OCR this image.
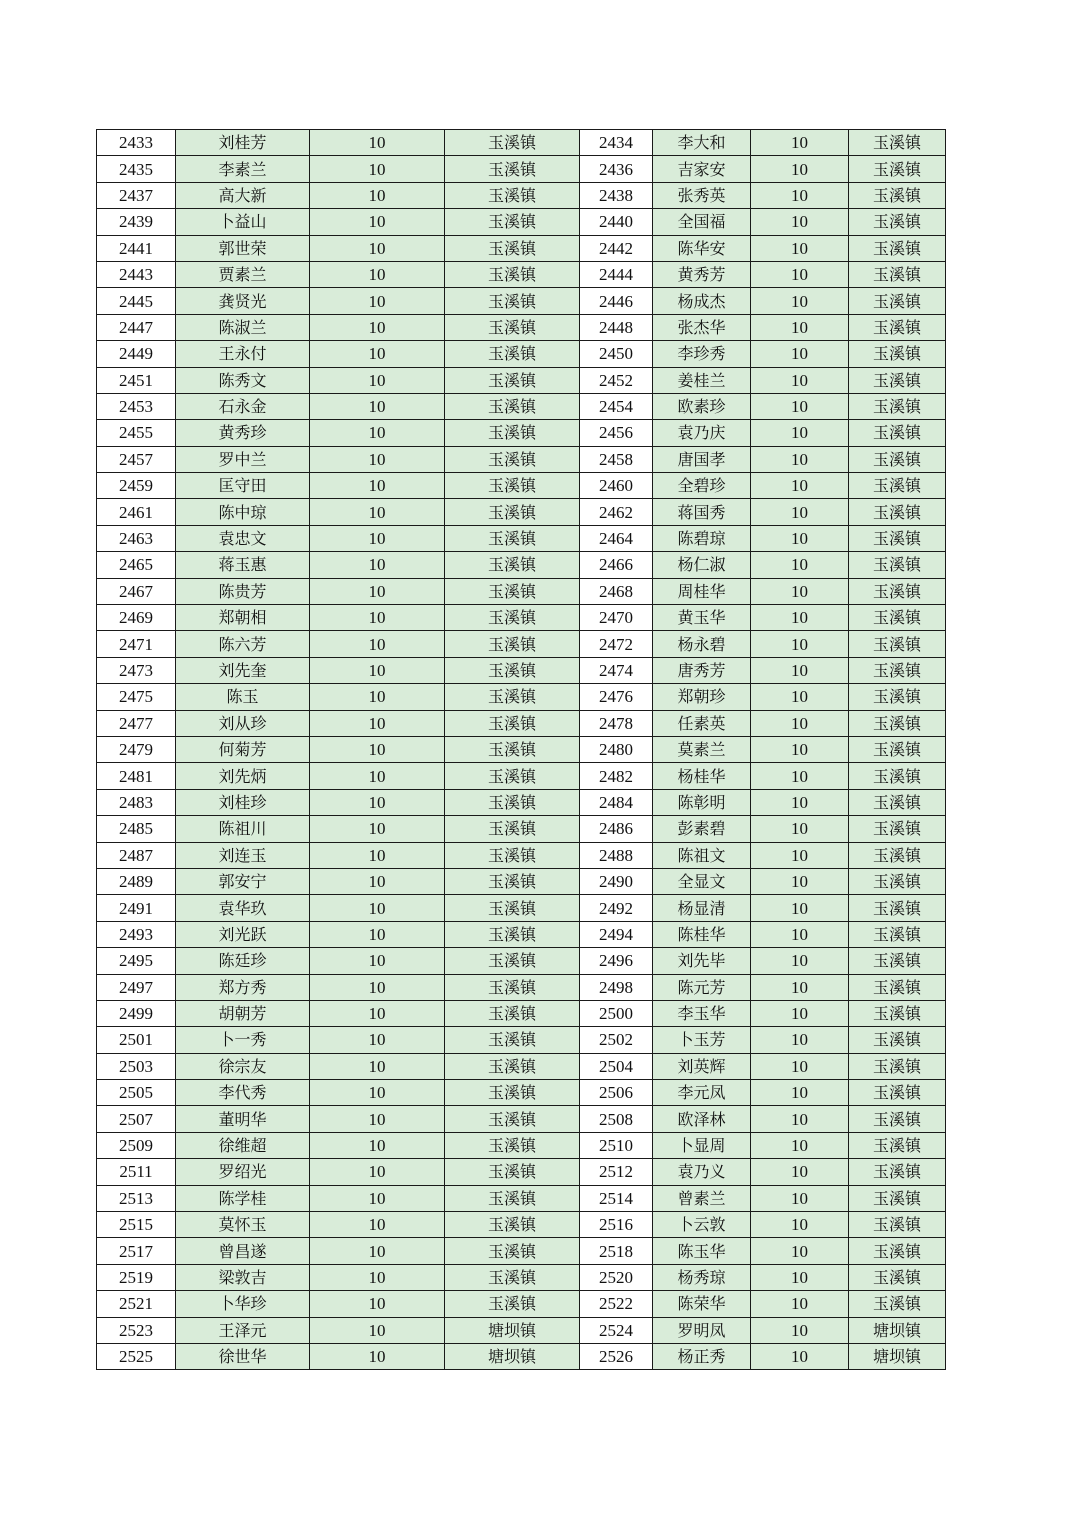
2433	刘桂芳	10	玉溪镇	2434	李大和	10	玉溪镇
2435	李素兰	10	玉溪镇	2436	吉家安	10	玉溪镇
2437	高大新	10	玉溪镇	2438	张秀英	10	玉溪镇
2439	卜益山	10	玉溪镇	2440	全国福	10	玉溪镇
2441	郭世荣	10	玉溪镇	2442	陈华安	10	玉溪镇
2443	贾素兰	10	玉溪镇	2444	黄秀芳	10	玉溪镇
2445	龚贤光	10	玉溪镇	2446	杨成杰	10	玉溪镇
2447	陈淑兰	10	玉溪镇	2448	张杰华	10	玉溪镇
2449	王永付	10	玉溪镇	2450	李珍秀	10	玉溪镇
2451	陈秀文	10	玉溪镇	2452	姜桂兰	10	玉溪镇
2453	石永金	10	玉溪镇	2454	欧素珍	10	玉溪镇
2455	黄秀珍	10	玉溪镇	2456	袁乃庆	10	玉溪镇
2457	罗中兰	10	玉溪镇	2458	唐国孝	10	玉溪镇
2459	匡守田	10	玉溪镇	2460	全碧珍	10	玉溪镇
2461	陈中琼	10	玉溪镇	2462	蒋国秀	10	玉溪镇
2463	袁忠文	10	玉溪镇	2464	陈碧琼	10	玉溪镇
2465	蒋玉惠	10	玉溪镇	2466	杨仁淑	10	玉溪镇
2467	陈贵芳	10	玉溪镇	2468	周桂华	10	玉溪镇
2469	郑朝相	10	玉溪镇	2470	黄玉华	10	玉溪镇
2471	陈六芳	10	玉溪镇	2472	杨永碧	10	玉溪镇
2473	刘先奎	10	玉溪镇	2474	唐秀芳	10	玉溪镇
2475	陈玉	10	玉溪镇	2476	郑朝珍	10	玉溪镇
2477	刘从珍	10	玉溪镇	2478	任素英	10	玉溪镇
2479	何菊芳	10	玉溪镇	2480	莫素兰	10	玉溪镇
2481	刘先炳	10	玉溪镇	2482	杨桂华	10	玉溪镇
2483	刘桂珍	10	玉溪镇	2484	陈彰明	10	玉溪镇
2485	陈祖川	10	玉溪镇	2486	彭素碧	10	玉溪镇
2487	刘连玉	10	玉溪镇	2488	陈祖文	10	玉溪镇
2489	郭安宁	10	玉溪镇	2490	全显文	10	玉溪镇
2491	袁华玖	10	玉溪镇	2492	杨显清	10	玉溪镇
2493	刘光跃	10	玉溪镇	2494	陈桂华	10	玉溪镇
2495	陈廷珍	10	玉溪镇	2496	刘先毕	10	玉溪镇
2497	郑方秀	10	玉溪镇	2498	陈元芳	10	玉溪镇
2499	胡朝芳	10	玉溪镇	2500	李玉华	10	玉溪镇
2501	卜一秀	10	玉溪镇	2502	卜玉芳	10	玉溪镇
2503	徐宗友	10	玉溪镇	2504	刘英辉	10	玉溪镇
2505	李代秀	10	玉溪镇	2506	李元凤	10	玉溪镇
2507	董明华	10	玉溪镇	2508	欧泽林	10	玉溪镇
2509	徐维超	10	玉溪镇	2510	卜显周	10	玉溪镇
2511	罗绍光	10	玉溪镇	2512	袁乃义	10	玉溪镇
2513	陈学桂	10	玉溪镇	2514	曾素兰	10	玉溪镇
2515	莫怀玉	10	玉溪镇	2516	卜云敦	10	玉溪镇
2517	曾昌遂	10	玉溪镇	2518	陈玉华	10	玉溪镇
2519	梁敦吉	10	玉溪镇	2520	杨秀琼	10	玉溪镇
2521	卜华珍	10	玉溪镇	2522	陈荣华	10	玉溪镇
2523	王泽元	10	塘坝镇	2524	罗明凤	10	塘坝镇
2525	徐世华	10	塘坝镇	2526	杨正秀	10	塘坝镇
